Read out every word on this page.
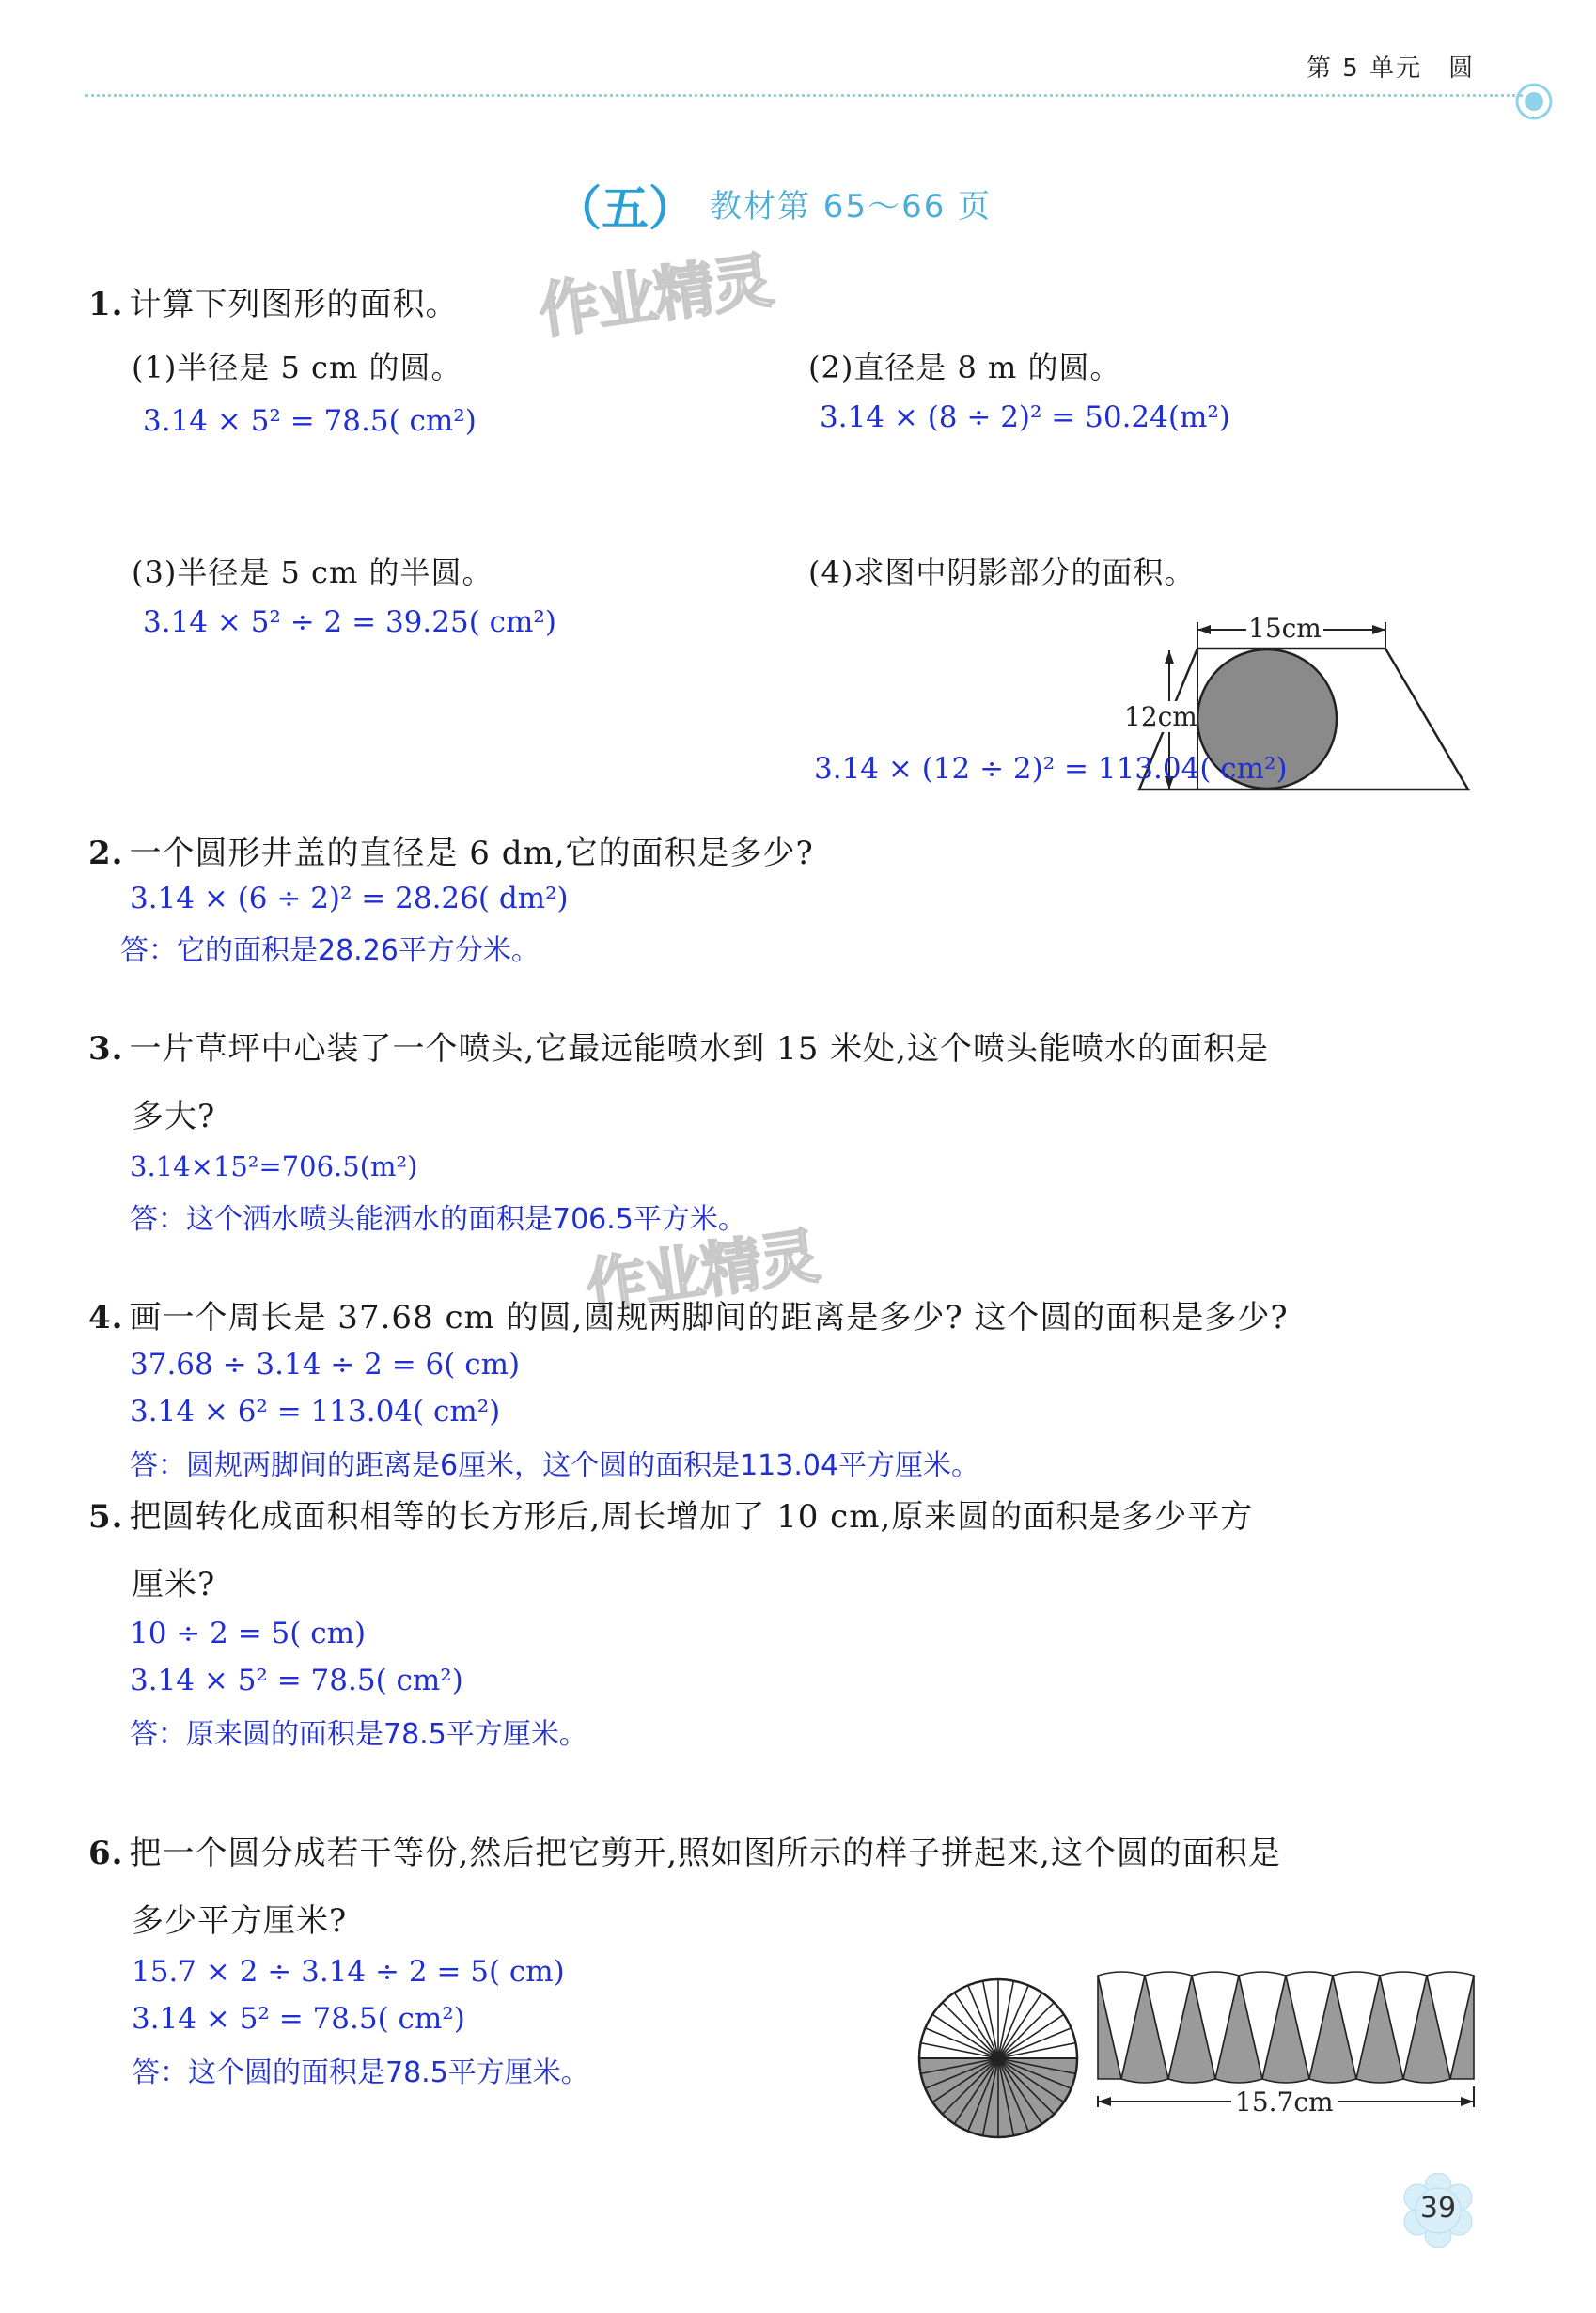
第 5 单元　圆
（五） 教材第 65～66 页
作业精灵
作业精灵
1. 计算下列图形的面积。
(1)半径是 5 cm 的圆。
3.14 × 5² = 78.5( cm²)
(2)直径是 8 m 的圆。
3.14 × (8 ÷ 2)² = 50.24(m²)
(3)半径是 5 cm 的半圆。
3.14 × 5² ÷ 2 = 39.25( cm²)
(4)求图中阴影部分的面积。
15cm
12cm
3.14 × (12 ÷ 2)² = 113.04( cm²)
2. 一个圆形井盖的直径是 6 dm,它的面积是多少?
3.14 × (6 ÷ 2)² = 28.26( dm²)
答：它的面积是28.26平方分米。
3. 一片草坪中心装了一个喷头,它最远能喷水到 15 米处,这个喷头能喷水的面积是
多大?
3.14×15²=706.5(m²)
答：这个洒水喷头能洒水的面积是706.5平方米。
4. 画一个周长是 37.68 cm 的圆,圆规两脚间的距离是多少? 这个圆的面积是多少?
37.68 ÷ 3.14 ÷ 2 = 6( cm)
3.14 × 6² = 113.04( cm²)
答：圆规两脚间的距离是6厘米，这个圆的面积是113.04平方厘米。
5. 把圆转化成面积相等的长方形后,周长增加了 10 cm,原来圆的面积是多少平方
厘米?
10 ÷ 2 = 5( cm)
3.14 × 5² = 78.5( cm²)
答：原来圆的面积是78.5平方厘米。
6. 把一个圆分成若干等份,然后把它剪开,照如图所示的样子拼起来,这个圆的面积是
多少平方厘米?
15.7 × 2 ÷ 3.14 ÷ 2 = 5( cm)
3.14 × 5² = 78.5( cm²)
答：这个圆的面积是78.5平方厘米。
15.7cm
39
